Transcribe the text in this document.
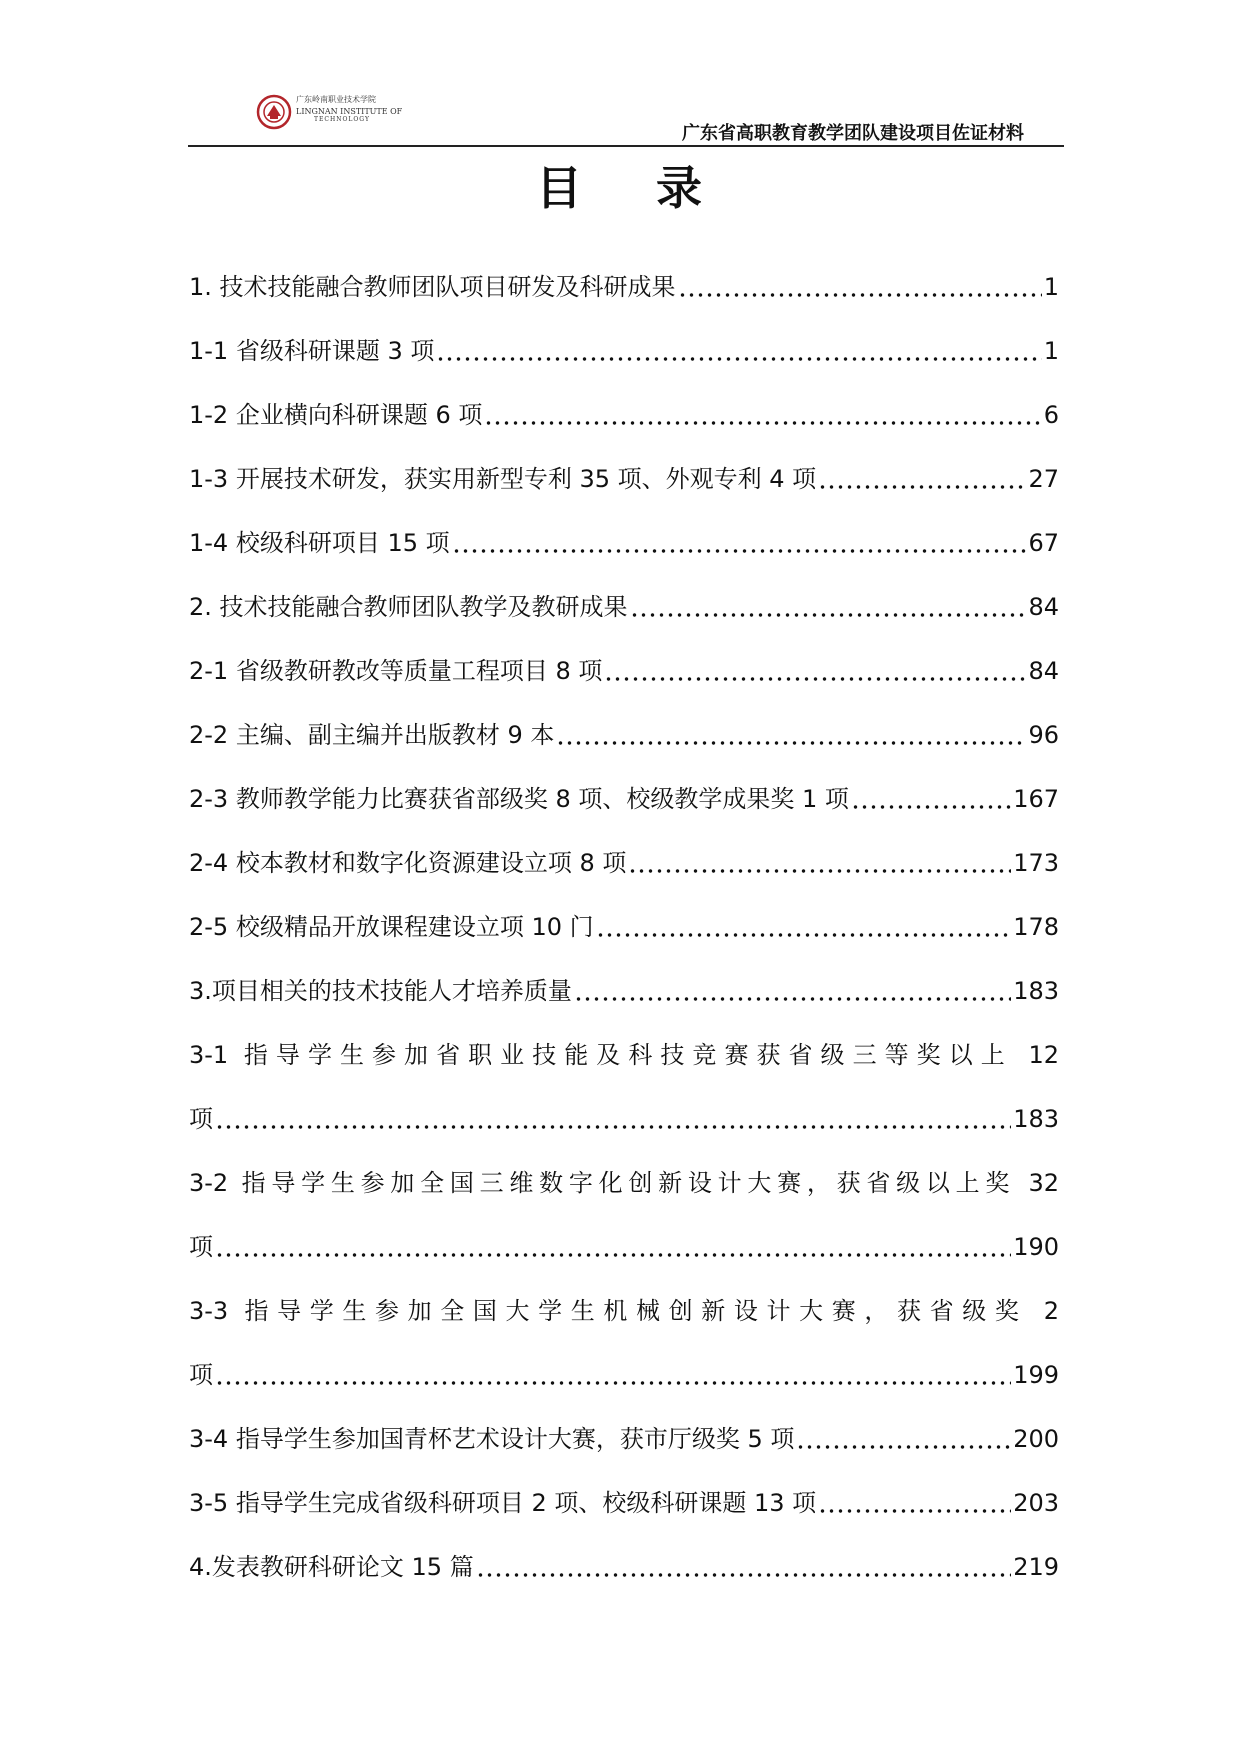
广东岭南职业技术学院
LINGNAN INSTITUTE OF
TECHNOLOGY
广东省高职教育教学团队建设项目佐证材料
目    录
1. 技术技能融合教师团队项目研发及科研成果	1
1-1 省级科研课题 3 项	1
1-2 企业横向科研课题 6 项	6
1-3 开展技术研发，获实用新型专利 35 项、外观专利 4 项	27
1-4 校级科研项目 15 项	67
2. 技术技能融合教师团队教学及教研成果	84
2-1 省级教研教改等质量工程项目 8 项	84
2-2 主编、副主编并出版教材 9 本	96
2-3 教师教学能力比赛获省部级奖 8 项、校级教学成果奖 1 项	167
2-4 校本教材和数字化资源建设立项 8 项	173
2-5 校级精品开放课程建设立项 10 门	178
3.项目相关的技术技能人才培养质量	183
3-1 指导学生参加省职业技能及科技竞赛获省级三等奖以上 12
项	183
3-2 指导学生参加全国三维数字化创新设计大赛，获省级以上奖 32
项	190
3-3 指导学生参加全国大学生机械创新设计大赛，获省级奖 2
项	199
3-4 指导学生参加国青杯艺术设计大赛，获市厅级奖 5 项	200
3-5 指导学生完成省级科研项目 2 项、校级科研课题 13 项	203
4.发表教研科研论文 15 篇	219
